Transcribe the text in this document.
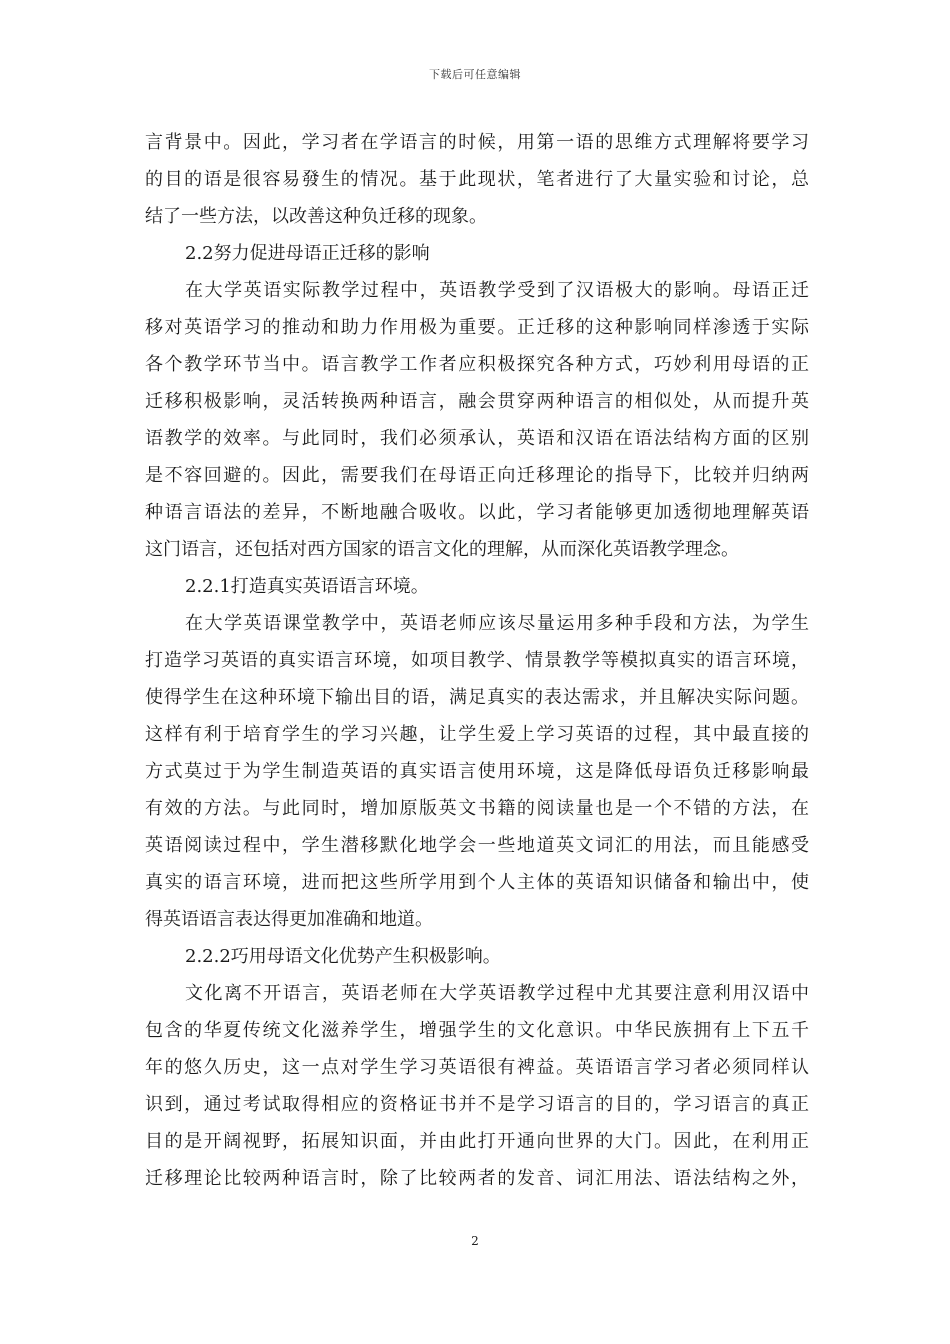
下载后可任意编辑
言背景中。因此，学习者在学语言的时候，用第一语的思维方式理解将要学习
的目的语是很容易發生的情况。基于此现状，笔者进行了大量实验和讨论，总
结了一些方法，以改善这种负迁移的现象。
2.2努力促进母语正迁移的影响
在大学英语实际教学过程中，英语教学受到了汉语极大的影响。母语正迁
移对英语学习的推动和助力作用极为重要。正迁移的这种影响同样渗透于实际
各个教学环节当中。语言教学工作者应积极探究各种方式，巧妙利用母语的正
迁移积极影响，灵活转换两种语言，融会贯穿两种语言的相似处，从而提升英
语教学的效率。与此同时，我们必须承认，英语和汉语在语法结构方面的区别
是不容回避的。因此，需要我们在母语正向迁移理论的指导下，比较并归纳两
种语言语法的差异，不断地融合吸收。以此，学习者能够更加透彻地理解英语
这门语言，还包括对西方国家的语言文化的理解，从而深化英语教学理念。
2.2.1打造真实英语语言环境。
在大学英语课堂教学中，英语老师应该尽量运用多种手段和方法，为学生
打造学习英语的真实语言环境，如项目教学、情景教学等模拟真实的语言环境，
使得学生在这种环境下输出目的语，满足真实的表达需求，并且解决实际问题。
这样有利于培育学生的学习兴趣，让学生爱上学习英语的过程，其中最直接的
方式莫过于为学生制造英语的真实语言使用环境，这是降低母语负迁移影响最
有效的方法。与此同时，增加原版英文书籍的阅读量也是一个不错的方法，在
英语阅读过程中，学生潜移默化地学会一些地道英文词汇的用法，而且能感受
真实的语言环境，进而把这些所学用到个人主体的英语知识储备和输出中，使
得英语语言表达得更加准确和地道。
2.2.2巧用母语文化优势产生积极影响。
文化离不开语言，英语老师在大学英语教学过程中尤其要注意利用汉语中
包含的华夏传统文化滋养学生，增强学生的文化意识。中华民族拥有上下五千
年的悠久历史，这一点对学生学习英语很有裨益。英语语言学习者必须同样认
识到，通过考试取得相应的资格证书并不是学习语言的目的，学习语言的真正
目的是开阔视野，拓展知识面，并由此打开通向世界的大门。因此，在利用正
迁移理论比较两种语言时，除了比较两者的发音、词汇用法、语法结构之外，
2
